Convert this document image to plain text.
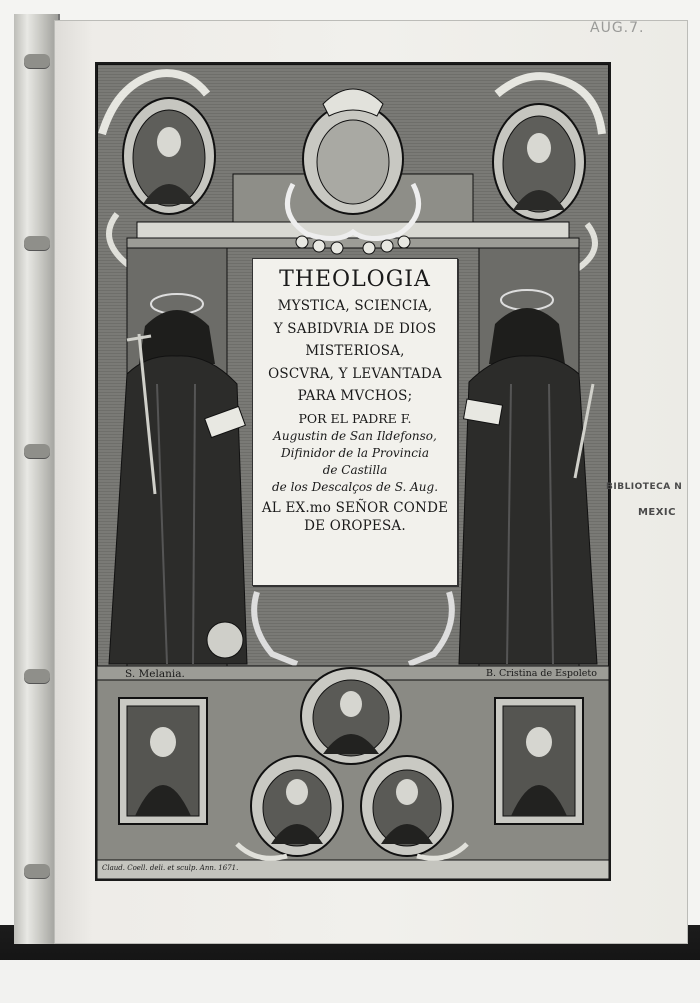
AUG.7.
THEOLOGIA
MYSTICA, SCIENCIA,
Y SABIDVRIA DE DIOS
MISTERIOSA,
OSCVRA, Y LEVANTADA
PARA MVCHOS;
POR EL PADRE F.
Augustin de San Ildefonso,
Difinidor de la Provincia
de Castilla
de los Descalços de S. Aug.
AL EX.mo SEÑOR CONDE
DE OROPESA.
S. Melania.	B. Cristina de Espoleto
Claud. Coell. deli. et sculp. Ann. 1671.
BIBLIOTECA N
MEXIC
